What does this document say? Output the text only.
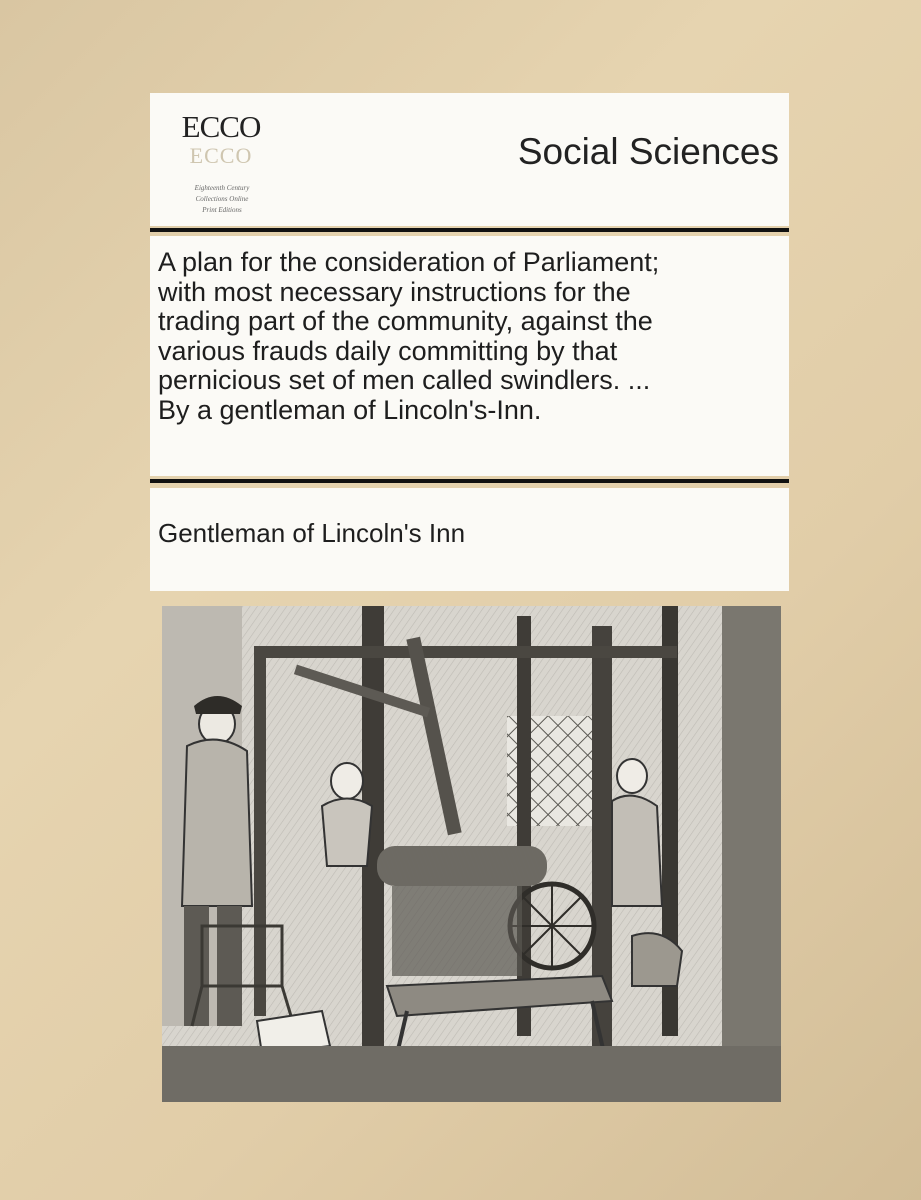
ECCO
ECCO
Eighteenth Century
Collections Online
Print Editions
Social Sciences
A plan for the consideration of Parliament;
with most necessary instructions for the
trading part of the community, against the
various frauds daily committing by that
pernicious set of men called swindlers. ...
By a gentleman of Lincoln's-Inn.
Gentleman of Lincoln's Inn
